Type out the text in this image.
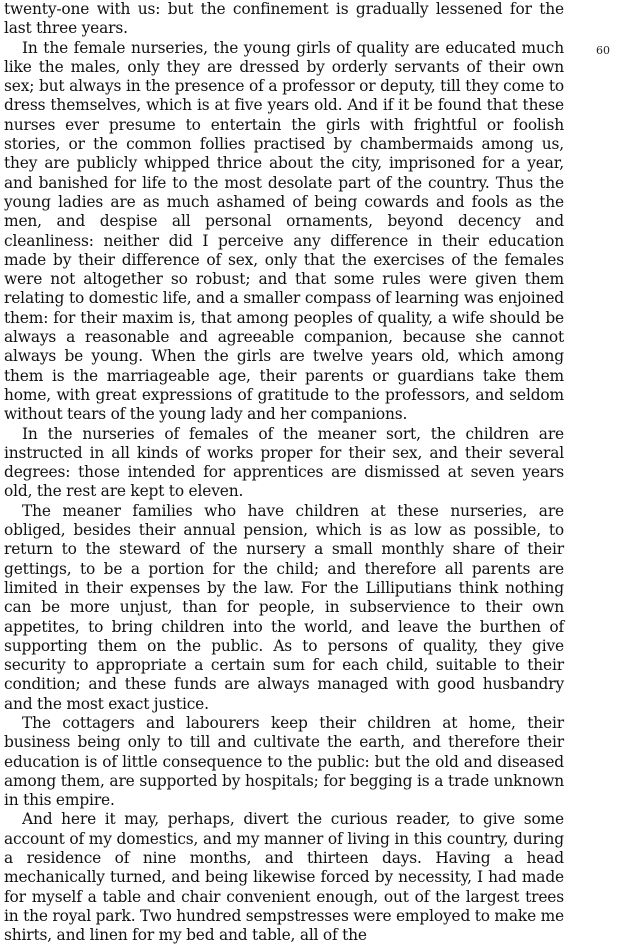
twenty-one with us: but the confinement is gradually lessened for the last three years.

In the female nurseries, the young girls of quality are educated much like the males, only they are dressed by orderly servants of their own sex; but always in the presence of a professor or deputy, till they come to dress themselves, which is at five years old. And if it be found that these nurses ever presume to entertain the girls with frightful or foolish stories, or the common follies practised by chambermaids among us, they are publicly whipped thrice about the city, imprisoned for a year, and banished for life to the most desolate part of the country. Thus the young ladies are as much ashamed of being cowards and fools as the men, and despise all personal ornaments, beyond decency and cleanliness: neither did I perceive any difference in their education made by their difference of sex, only that the exercises of the females were not altogether so robust; and that some rules were given them relating to domestic life, and a smaller compass of learning was enjoined them: for their maxim is, that among peoples of quality, a wife should be always a reasonable and agreeable companion, because she cannot always be young. When the girls are twelve years old, which among them is the marriageable age, their parents or guardians take them home, with great expressions of gratitude to the professors, and seldom without tears of the young lady and her companions.

In the nurseries of females of the meaner sort, the children are instructed in all kinds of works proper for their sex, and their several degrees: those intended for apprentices are dismissed at seven years old, the rest are kept to eleven.

The meaner families who have children at these nurseries, are obliged, besides their annual pension, which is as low as possible, to return to the steward of the nursery a small monthly share of their gettings, to be a portion for the child; and therefore all parents are limited in their expenses by the law. For the Lilliputians think nothing can be more unjust, than for people, in subservience to their own appetites, to bring children into the world, and leave the burthen of supporting them on the public. As to persons of quality, they give security to appropriate a certain sum for each child, suitable to their condition; and these funds are always managed with good husbandry and the most exact justice.

The cottagers and labourers keep their children at home, their business being only to till and cultivate the earth, and therefore their education is of little consequence to the public: but the old and diseased among them, are supported by hospitals; for begging is a trade unknown in this empire.

And here it may, perhaps, divert the curious reader, to give some account of my domestics, and my manner of living in this country, during a residence of nine months, and thirteen days. Having a head mechanically turned, and being likewise forced by necessity, I had made for myself a table and chair convenient enough, out of the largest trees in the royal park. Two hundred sempstresses were employed to make me shirts, and linen for my bed and table, all of the

60
